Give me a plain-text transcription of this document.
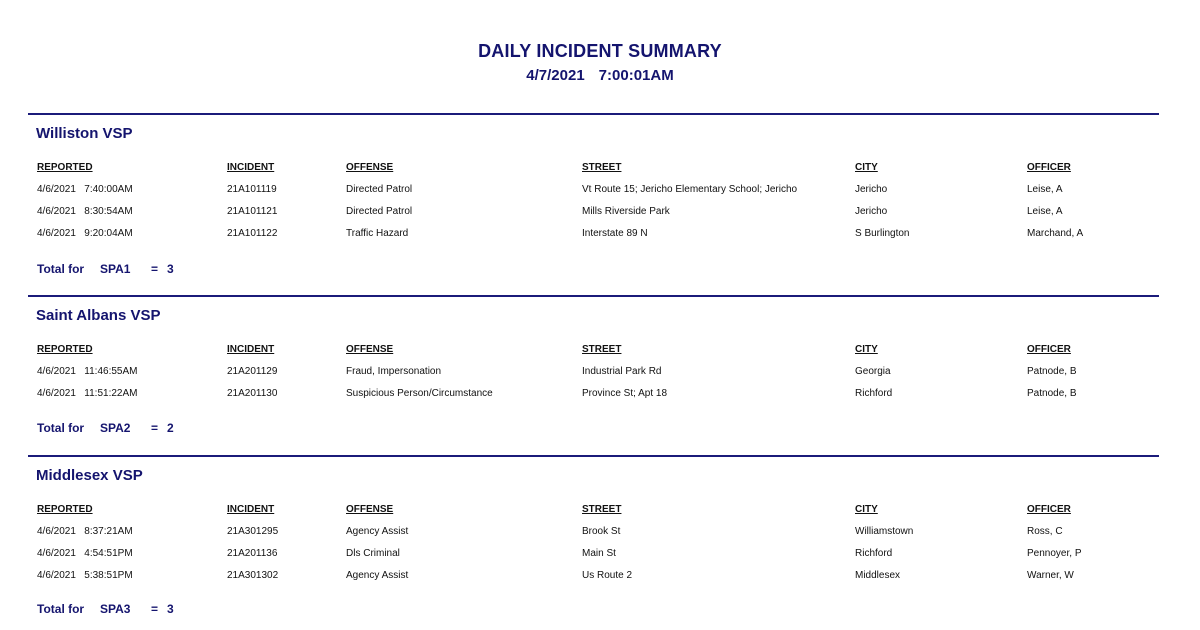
DAILY INCIDENT SUMMARY
4/7/2021 7:00:01AM
Williston VSP
REPORTED	INCIDENT	OFFENSE	STREET	CITY	OFFICER
4/6/2021 7:40:00AM	21A101119	Directed Patrol	Vt Route 15; Jericho Elementary School; Jericho	Jericho	Leise, A
4/6/2021 8:30:54AM	21A101121	Directed Patrol	Mills Riverside Park	Jericho	Leise, A
4/6/2021 9:20:04AM	21A101122	Traffic Hazard	Interstate 89 N	S Burlington	Marchand, A
Total for SPA1 = 3
Saint Albans VSP
REPORTED	INCIDENT	OFFENSE	STREET	CITY	OFFICER
4/6/2021 11:46:55AM	21A201129	Fraud, Impersonation	Industrial Park Rd	Georgia	Patnode, B
4/6/2021 11:51:22AM	21A201130	Suspicious Person/Circumstance	Province St; Apt 18	Richford	Patnode, B
Total for SPA2 = 2
Middlesex VSP
REPORTED	INCIDENT	OFFENSE	STREET	CITY	OFFICER
4/6/2021 8:37:21AM	21A301295	Agency Assist	Brook St	Williamstown	Ross, C
4/6/2021 4:54:51PM	21A201136	Dls Criminal	Main St	Richford	Pennoyer, P
4/6/2021 5:38:51PM	21A301302	Agency Assist	Us Route 2	Middlesex	Warner, W
Total for SPA3 = 3
